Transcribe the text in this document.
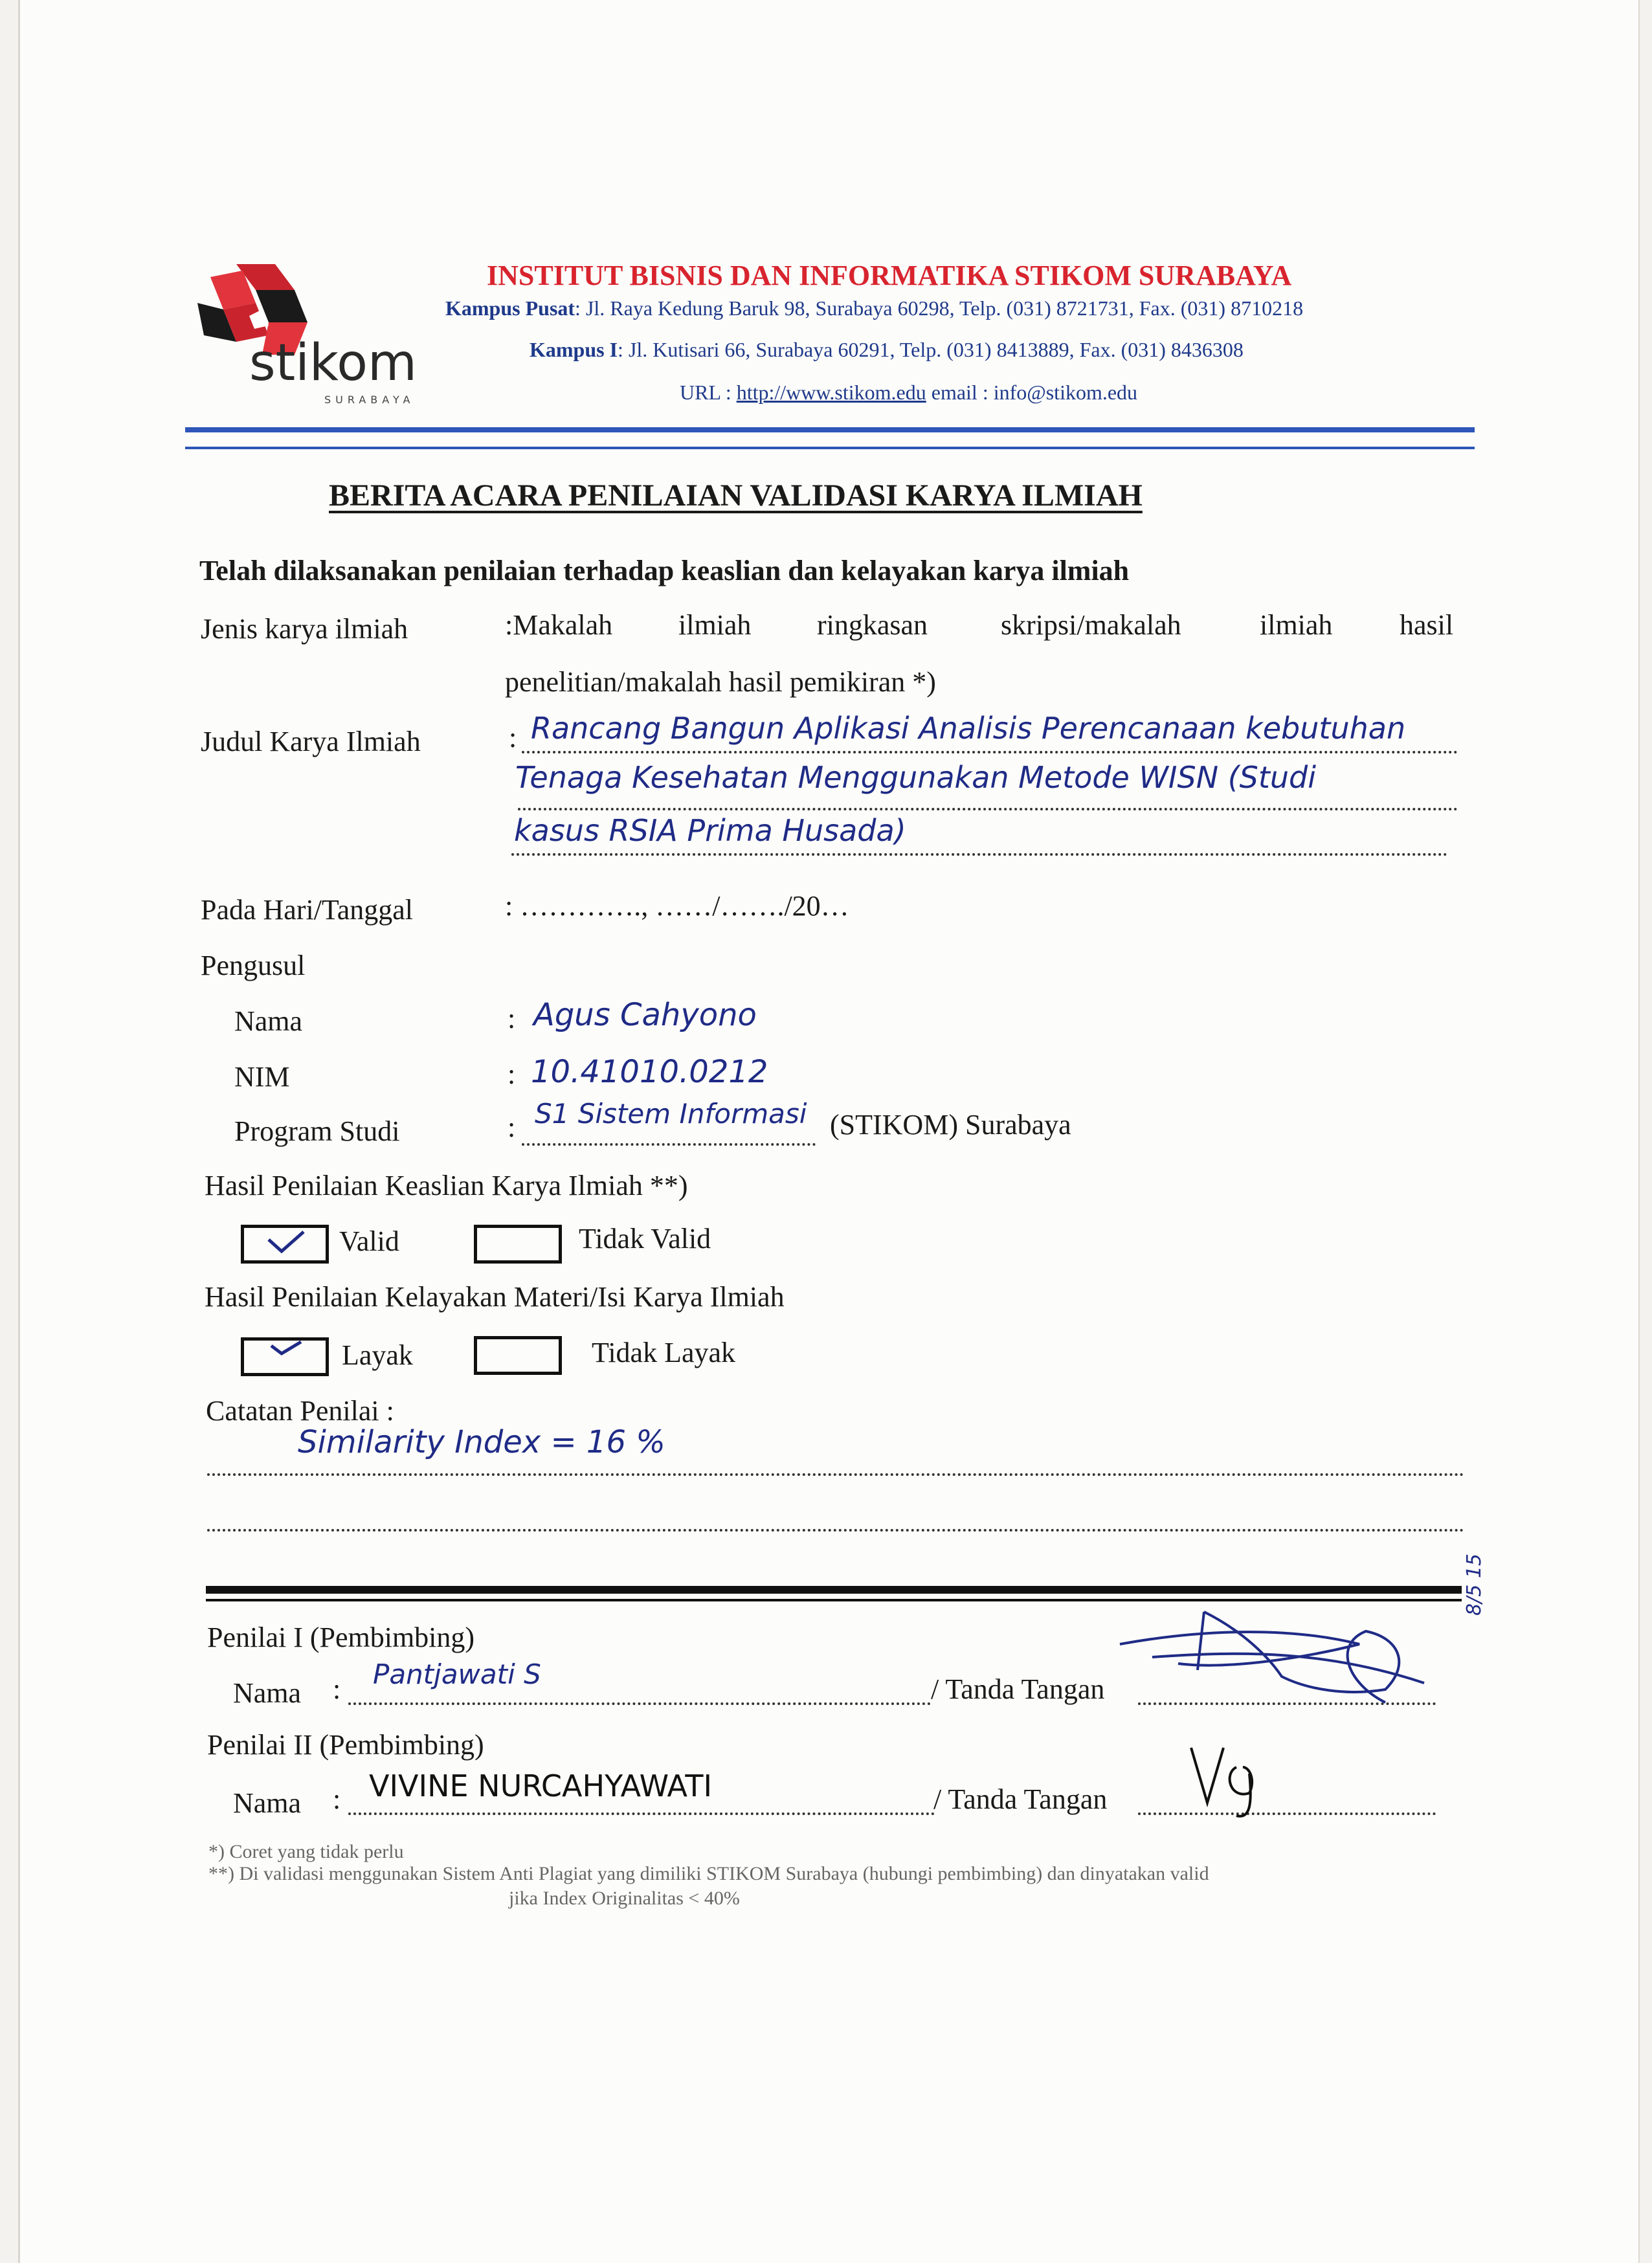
stikom
SURABAYA
INSTITUT BISNIS DAN INFORMATIKA STIKOM SURABAYA
Kampus Pusat: Jl. Raya Kedung Baruk 98, Surabaya 60298, Telp. (031) 8721731, Fax. (031) 8710218
Kampus I: Jl. Kutisari 66, Surabaya 60291, Telp. (031) 8413889, Fax. (031) 8436308
URL : http://www.stikom.edu email : info@stikom.edu
BERITA ACARA PENILAIAN VALIDASI KARYA ILMIAH
Telah dilaksanakan penilaian terhadap keaslian dan kelayakan karya ilmiah
Jenis karya ilmiah	:Makalah ilmiah ringkasan	skripsi/makalah	ilmiah hasil
penelitian/makalah hasil pemikiran *)
Judul Karya Ilmiah	: Rancang Bangun Aplikasi Analisis Perencanaan kebutuhan
Tenaga Kesehatan Menggunakan Metode WISN (Studi
kasus RSIA Prima Husada)
Pada Hari/Tanggal	: …………., ……/……./20…
Pengusul
Nama	: Agus Cahyono
NIM	: 10.41010.0212
Program Studi	: S1 Sistem Informasi (STIKOM) Surabaya
Hasil Penilaian Keaslian Karya Ilmiah **)
Valid	Tidak Valid
Hasil Penilaian Kelayakan Materi/Isi Karya Ilmiah
Layak	Tidak Layak
Catatan Penilai :
Similarity Index = 16 %
Penilai I (Pembimbing)
Nama : Pantjawati S	/ Tanda Tangan
8/5 15
Penilai II (Pembimbing)
Nama : VIVINE NURCAHYAWATI	/ Tanda Tangan
*) Coret yang tidak perlu
**) Di validasi menggunakan Sistem Anti Plagiat yang dimiliki STIKOM Surabaya (hubungi pembimbing) dan dinyatakan valid
jika Index Originalitas < 40%
